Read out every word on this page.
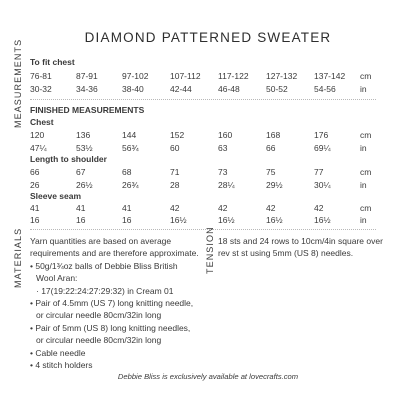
DIAMOND PATTERNED SWEATER
MEASUREMENTS To fit chest
76-81	87-91	97-102	107-112 117-122 127-132 137-142 cm
30-32	34-36	38-40	42-44	46-48	50-52	54-56	in
FINISHED MEASUREMENTS
Chest
120	136	144	152	160	168	176	cm
47¼	53½	56¾	60	63	66	69¼	in
Length to shoulder
66	67	68	71	73	75	77	cm
26	26½	26¾	28	28¼	29½	30¼	in
Sleeve seam
41	41	41	42	42	42	42	cm
16	16	16	16½	16½	16½	16½	in
MATERIALS Yarn quantities are based on average
requirements and are therefore approximate.
• 50g/1¾oz balls of Debbie Bliss British
Wool Aran:
· 17(19:22:24:27:29:32) in Cream 01
• Pair of 4.5mm (US 7) long knitting needle,
or circular needle 80cm/32in long
• Pair of 5mm (US 8) long knitting needles,
or circular needle 80cm/32in long
• Cable needle
• 4 stitch holders
TENSION 18 sts and 24 rows to 10cm/4in square over
rev st st using 5mm (US 8) needles.
Debbie Bliss is exclusively available at lovecrafts.com
